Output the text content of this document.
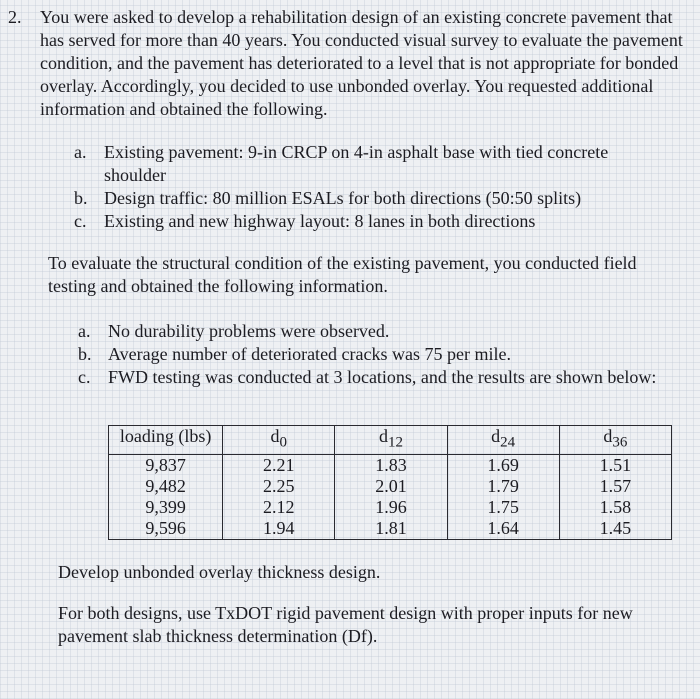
2. You were asked to develop a rehabilitation design of an existing concrete pavement that has served for more than 40 years. You conducted visual survey to evaluate the pavement condition, and the pavement has deteriorated to a level that is not appropriate for bonded overlay. Accordingly, you decided to use unbonded overlay. You requested additional information and obtained the following.
a. Existing pavement: 9-in CRCP on 4-in asphalt base with tied concrete shoulder
b. Design traffic: 80 million ESALs for both directions (50:50 splits)
c. Existing and new highway layout: 8 lanes in both directions
To evaluate the structural condition of the existing pavement, you conducted field testing and obtained the following information.
a. No durability problems were observed.
b. Average number of deteriorated cracks was 75 per mile.
c. FWD testing was conducted at 3 locations, and the results are shown below:
loading (lbs)	$d_0$	$d_{12}$	$d_{24}$	$d_{36}$
9,837	2.21	1.83	1.69	1.51
9,482	2.25	2.01	1.79	1.57
9,399	2.12	1.96	1.75	1.58
9,596	1.94	1.81	1.64	1.45
Develop unbonded overlay thickness design.
For both designs, use TxDOT rigid pavement design with proper inputs for new pavement slab thickness determination (Df).
